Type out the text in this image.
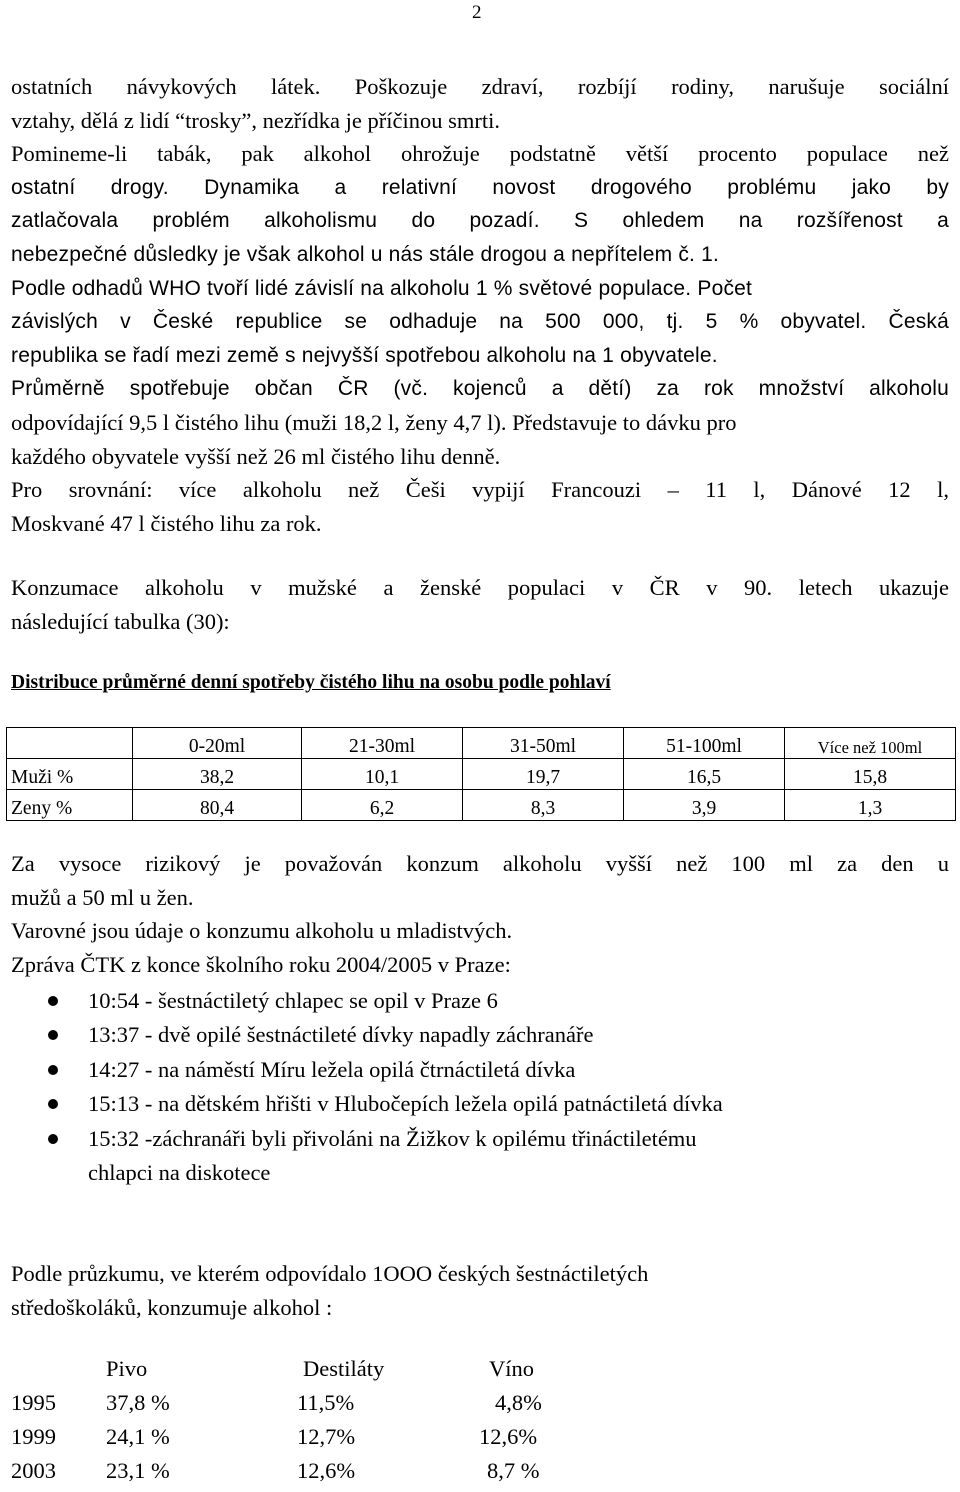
2
ostatních návykových látek. Poškozuje zdraví, rozbíjí rodiny, narušuje sociální
vztahy, dělá z lidí “trosky”, nezřídka je příčinou smrti.
Pomineme-li tabák, pak alkohol ohrožuje podstatně větší procento populace než
ostatní drogy. Dynamika a relativní novost drogového problému jako by
zatlačovala problém alkoholismu do pozadí. S ohledem na rozšířenost a
nebezpečné důsledky je však alkohol u nás stále drogou a nepřítelem č. 1.
Podle odhadů WHO tvoří lidé závislí na alkoholu 1 % světové populace. Počet
závislých v České republice se odhaduje na 500 000, tj. 5 % obyvatel. Česká
republika se řadí mezi země s nejvyšší spotřebou alkoholu na 1 obyvatele.
Průměrně spotřebuje občan ČR (vč. kojenců a dětí) za rok množství alkoholu
odpovídající 9,5 l čistého lihu (muži 18,2 l, ženy 4,7 l). Představuje to dávku pro
každého obyvatele vyšší než 26 ml čistého lihu denně.
Pro srovnání: více alkoholu než Češi vypijí Francouzi – 11 l, Dánové 12 l,
Moskvané 47 l čistého lihu za rok.
Konzumace alkoholu v mužské a ženské populaci v ČR v 90. letech ukazuje
následující tabulka (30):
Distribuce průměrné denní spotřeby čistého lihu na osobu podle pohlaví
	0-20ml	21-30ml	31-50ml	51-100ml	Více než 100ml
Muži %	38,2	10,1	19,7	16,5	15,8
Zeny %	80,4	6,2	8,3	3,9	1,3
Za vysoce rizikový je považován konzum alkoholu vyšší než 100 ml za den u
mužů a 50 ml u žen.
Varovné jsou údaje o konzumu alkoholu u mladistvých.
Zpráva ČTK z konce školního roku 2004/2005 v Praze:
10:54 - šestnáctiletý chlapec se opil v Praze 6
13:37 - dvě opilé šestnáctileté dívky napadly záchranáře
14:27 - na náměstí Míru ležela opilá čtrnáctiletá dívka
15:13 - na dětském hřišti v Hlubočepích ležela opilá patnáctiletá dívka
15:32 -záchranáři byli přivoláni na Žižkov k opilému třináctiletému
chlapci na diskotece
Podle průzkumu, ve kterém odpovídalo 1OOO českých šestnáctiletých
středoškoláků, konzumuje alkohol :
Pivo	Destiláty	Víno
1995 37,8 %	11,5%	4,8%
1999 24,1 %	12,7%	12,6%
2003 23,1 %	12,6%	8,7 %
